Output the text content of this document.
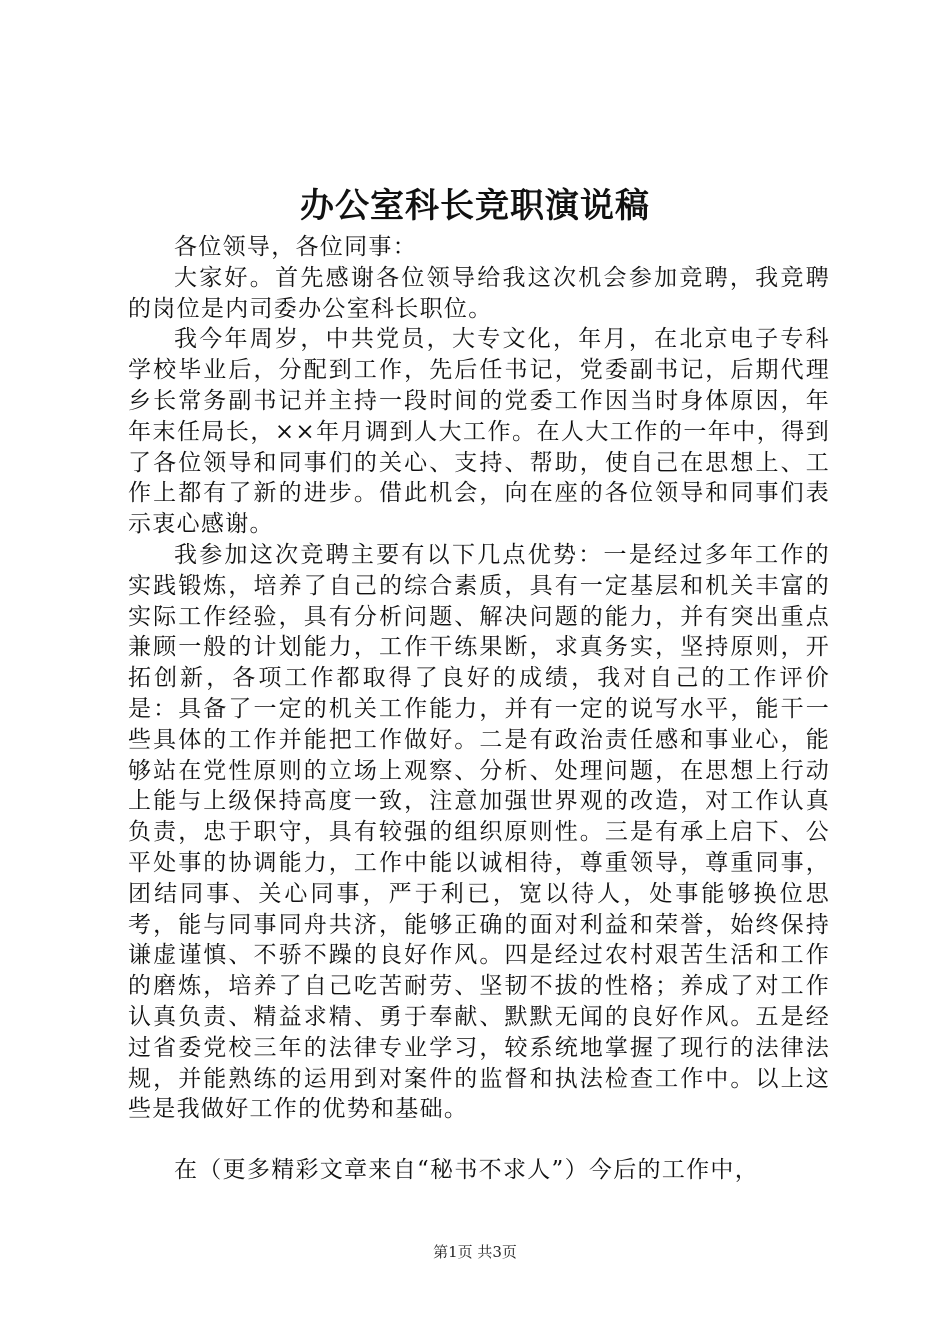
办公室科长竞职演说稿

各位领导，各位同事：

大家好。首先感谢各位领导给我这次机会参加竞聘，我竞聘的岗位是内司委办公室科长职位。

我今年周岁，中共党员，大专文化，年月，在北京电子专科学校毕业后，分配到工作，先后任书记，党委副书记，后期代理乡长常务副书记并主持一段时间的党委工作因当时身体原因，年年末任局长，××年月调到人大工作。在人大工作的一年中，得到了各位领导和同事们的关心、支持、帮助，使自己在思想上、工作上都有了新的进步。借此机会，向在座的各位领导和同事们表示衷心感谢。

我参加这次竞聘主要有以下几点优势：一是经过多年工作的实践锻炼，培养了自己的综合素质，具有一定基层和机关丰富的实际工作经验，具有分析问题、解决问题的能力，并有突出重点兼顾一般的计划能力，工作干练果断，求真务实，坚持原则，开拓创新，各项工作都取得了良好的成绩，我对自己的工作评价是：具备了一定的机关工作能力，并有一定的说写水平，能干一些具体的工作并能把工作做好。二是有政治责任感和事业心，能够站在党性原则的立场上观察、分析、处理问题，在思想上行动上能与上级保持高度一致，注意加强世界观的改造，对工作认真负责，忠于职守，具有较强的组织原则性。三是有承上启下、公平处事的协调能力，工作中能以诚相待，尊重领导，尊重同事，团结同事、关心同事，严于利已，宽以待人，处事能够换位思考，能与同事同舟共济，能够正确的面对利益和荣誉，始终保持谦虚谨慎、不骄不躁的良好作风。四是经过农村艰苦生活和工作的磨炼，培养了自己吃苦耐劳、坚韧不拔的性格；养成了对工作认真负责、精益求精、勇于奉献、默默无闻的良好作风。五是经过省委党校三年的法律专业学习，较系统地掌握了现行的法律法规，并能熟练的运用到对案件的监督和执法检查工作中。以上这些是我做好工作的优势和基础。

在（更多精彩文章来自“秘书不求人”）今后的工作中，

第1页 共3页
